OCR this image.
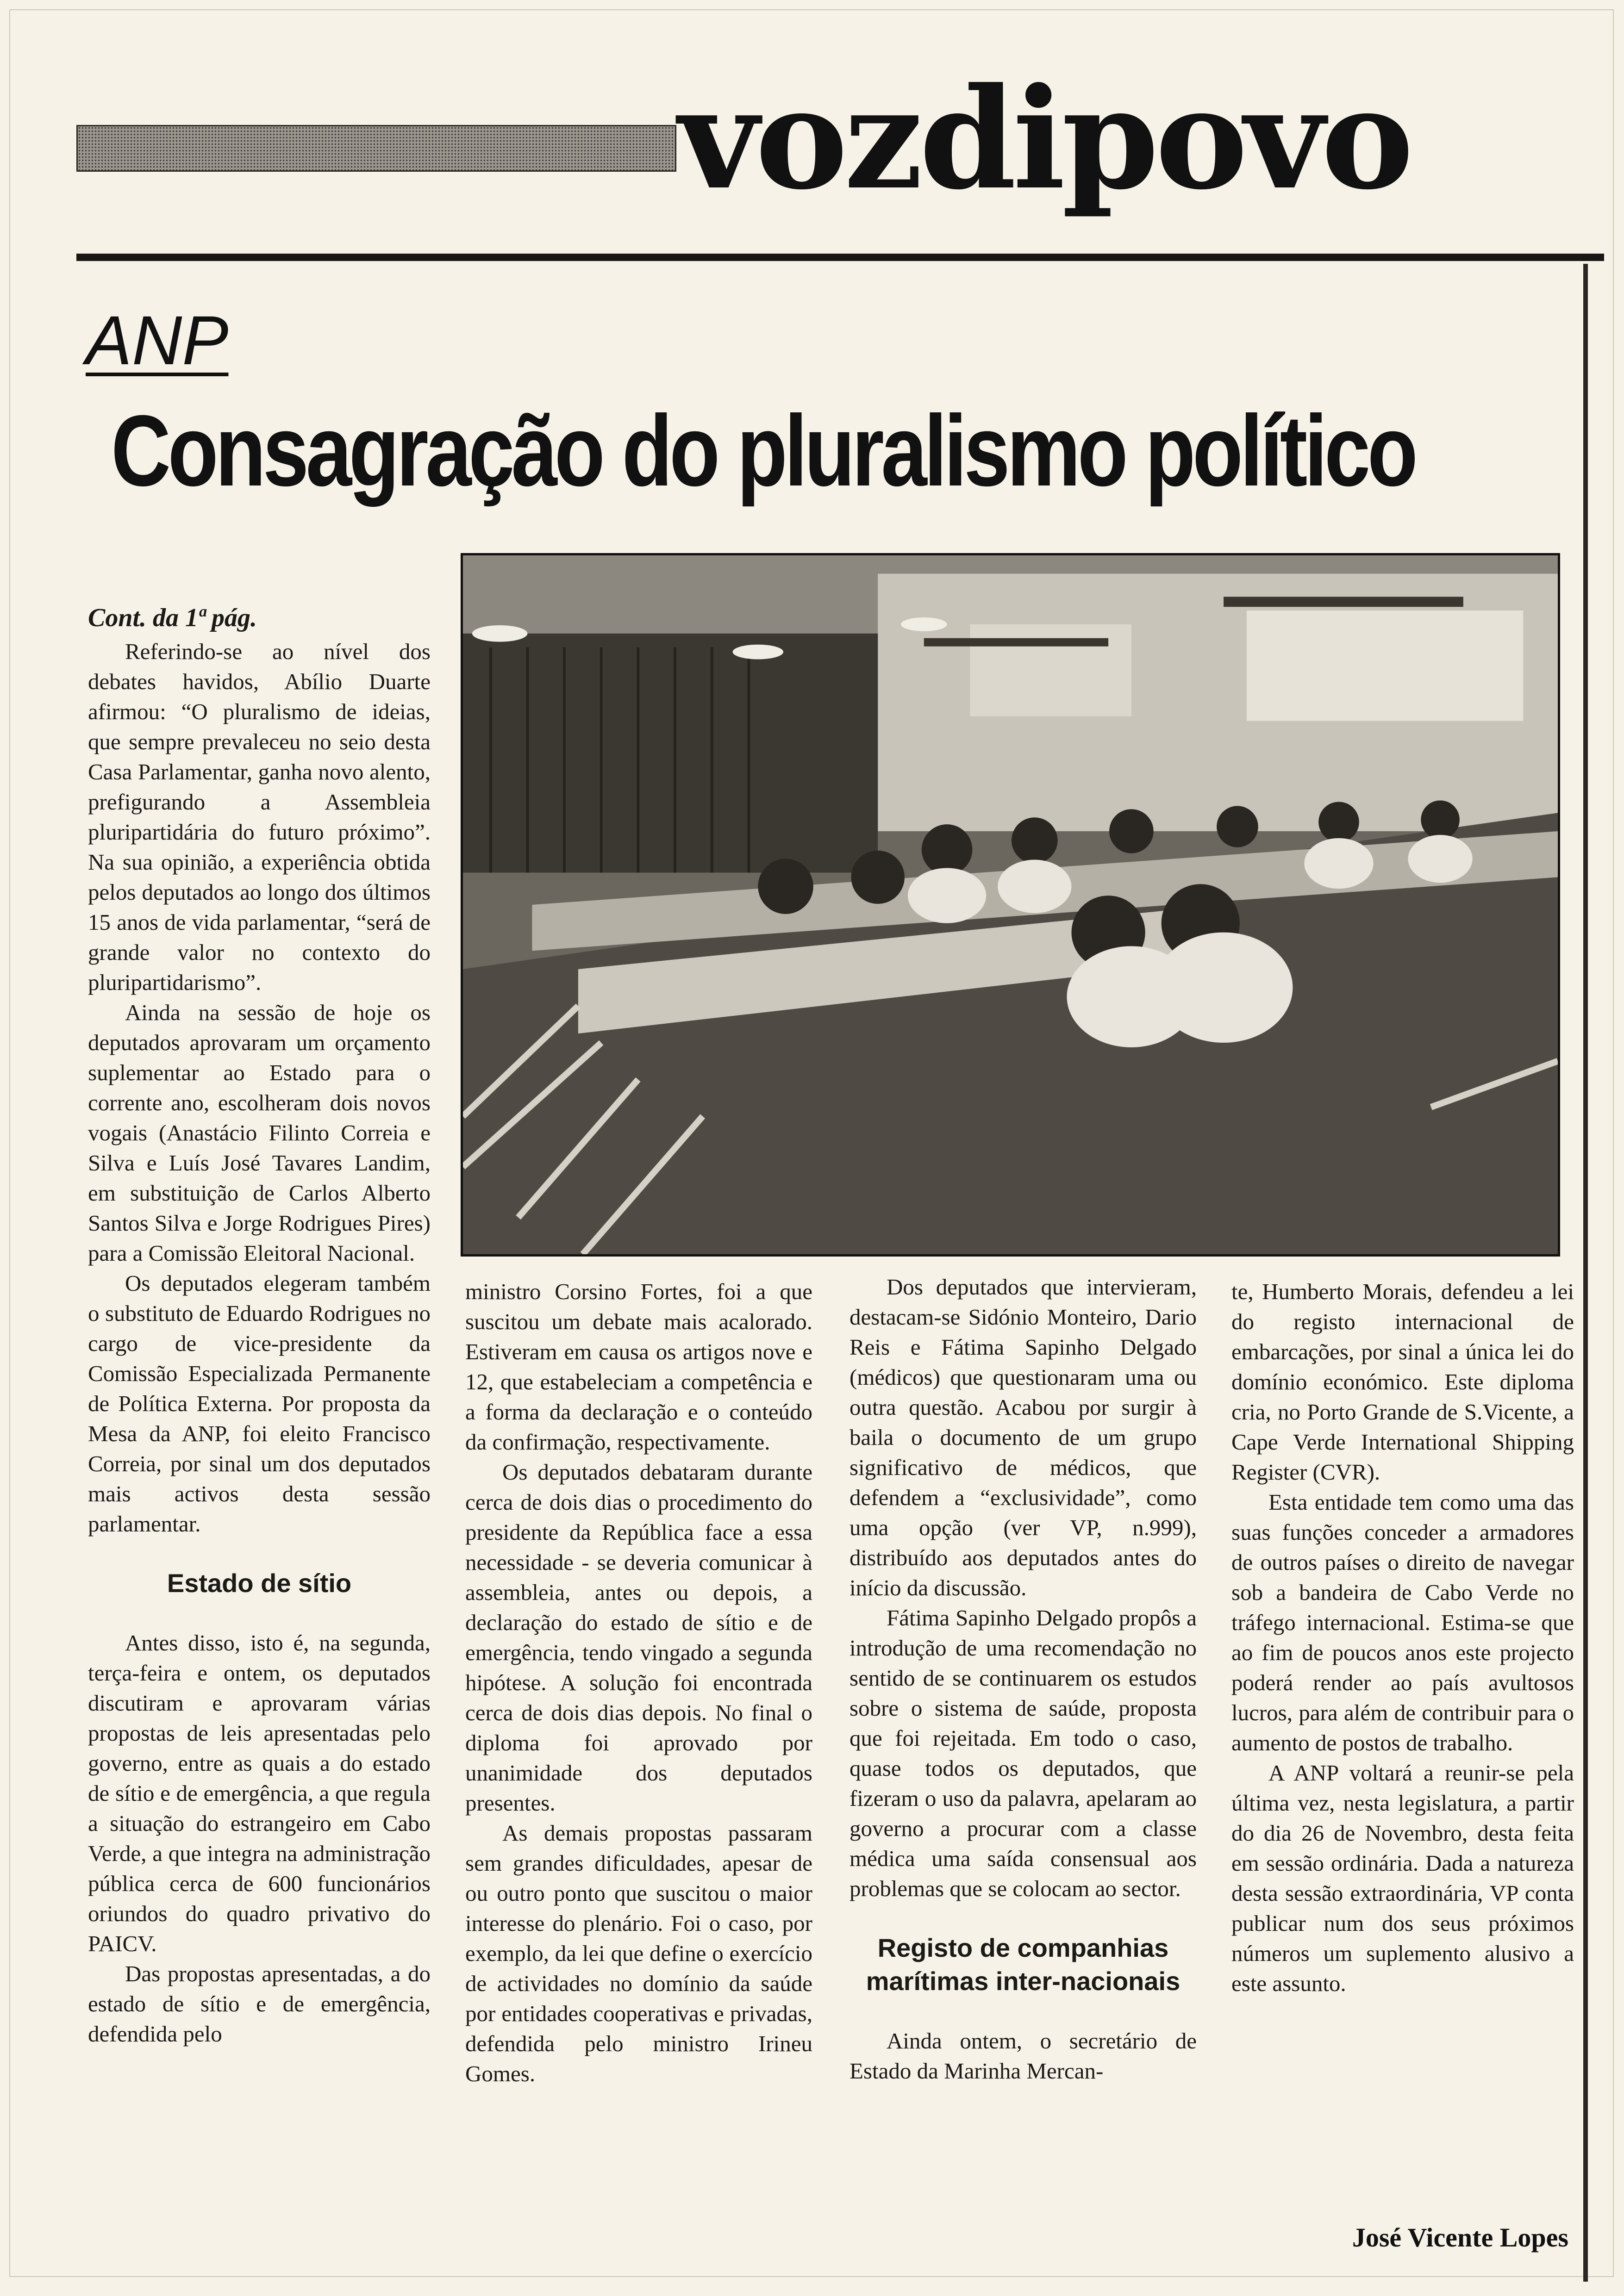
vozdipovo
ANP
Consagração do pluralismo político

Cont. da 1ª pág.

Referindo-se ao nível dos debates havidos, Abílio Duarte afirmou: “O pluralismo de ideias, que sempre prevaleceu no seio desta Casa Parlamentar, ganha novo alento, prefigurando a Assembleia pluripartidária do futuro próximo”. Na sua opinião, a experiência obtida pelos deputados ao longo dos últimos 15 anos de vida parlamentar, “será de grande valor no contexto do pluripartidarismo”.

Ainda na sessão de hoje os deputados aprovaram um orçamento suplementar ao Estado para o corrente ano, escolheram dois novos vogais (Anastácio Filinto Correia e Silva e Luís José Tavares Landim, em substituição de Carlos Alberto Santos Silva e Jorge Rodrigues Pires) para a Comissão Eleitoral Nacional.

Os deputados elegeram também o substituto de Eduardo Rodrigues no cargo de vice-presidente da Comissão Especializada Permanente de Política Externa. Por proposta da Mesa da ANP, foi eleito Francisco Correia, por sinal um dos deputados mais activos desta sessão parlamentar.

Estado de sítio

Antes disso, isto é, na segunda, terça-feira e ontem, os deputados discutiram e aprovaram várias propostas de leis apresentadas pelo governo, entre as quais a do estado de sítio e de emergência, a que regula a situação do estrangeiro em Cabo Verde, a que integra na administração pública cerca de 600 funcionários oriundos do quadro privativo do PAICV.

Das propostas apresentadas, a do estado de sítio e de emergência, defendida pelo

ministro Corsino Fortes, foi a que suscitou um debate mais acalorado. Estiveram em causa os artigos nove e 12, que estabeleciam a competência e a forma da declaração e o conteúdo da confirmação, respectivamente.

Os deputados debataram durante cerca de dois dias o procedimento do presidente da República face a essa necessidade - se deveria comunicar à assembleia, antes ou depois, a declaração do estado de sítio e de emergência, tendo vingado a segunda hipótese. A solução foi encontrada cerca de dois dias depois. No final o diploma foi aprovado por unanimidade dos deputados presentes.

As demais propostas passaram sem grandes dificuldades, apesar de ou outro ponto que suscitou o maior interesse do plenário. Foi o caso, por exemplo, da lei que define o exercício de actividades no domínio da saúde por entidades cooperativas e privadas, defendida pelo ministro Irineu Gomes.

Dos deputados que intervieram, destacam-se Sidónio Monteiro, Dario Reis e Fátima Sapinho Delgado (médicos) que questionaram uma ou outra questão. Acabou por surgir à baila o documento de um grupo significativo de médicos, que defendem a “exclusividade”, como uma opção (ver VP, n.999), distribuído aos deputados antes do início da discussão.

Fátima Sapinho Delgado propôs a introdução de uma recomendação no sentido de se continuarem os estudos sobre o sistema de saúde, proposta que foi rejeitada. Em todo o caso, quase todos os deputados, que fizeram o uso da palavra, apelaram ao governo a procurar com a classe médica uma saída consensual aos problemas que se colocam ao sector.

Registo de companhias marítimas inter-nacionais

Ainda ontem, o secretário de Estado da Marinha Mercan-

te, Humberto Morais, defendeu a lei do registo internacional de embarcações, por sinal a única lei do domínio económico. Este diploma cria, no Porto Grande de S.Vicente, a Cape Verde International Shipping Register (CVR).

Esta entidade tem como uma das suas funções conceder a armadores de outros países o direito de navegar sob a bandeira de Cabo Verde no tráfego internacional. Estima-se que ao fim de poucos anos este projecto poderá render ao país avultosos lucros, para além de contribuir para o aumento de postos de trabalho.

A ANP voltará a reunir-se pela última vez, nesta legislatura, a partir do dia 26 de Novembro, desta feita em sessão ordinária. Dada a natureza desta sessão extraordinária, VP conta publicar num dos seus próximos números um suplemento alusivo a este assunto.

José Vicente Lopes
